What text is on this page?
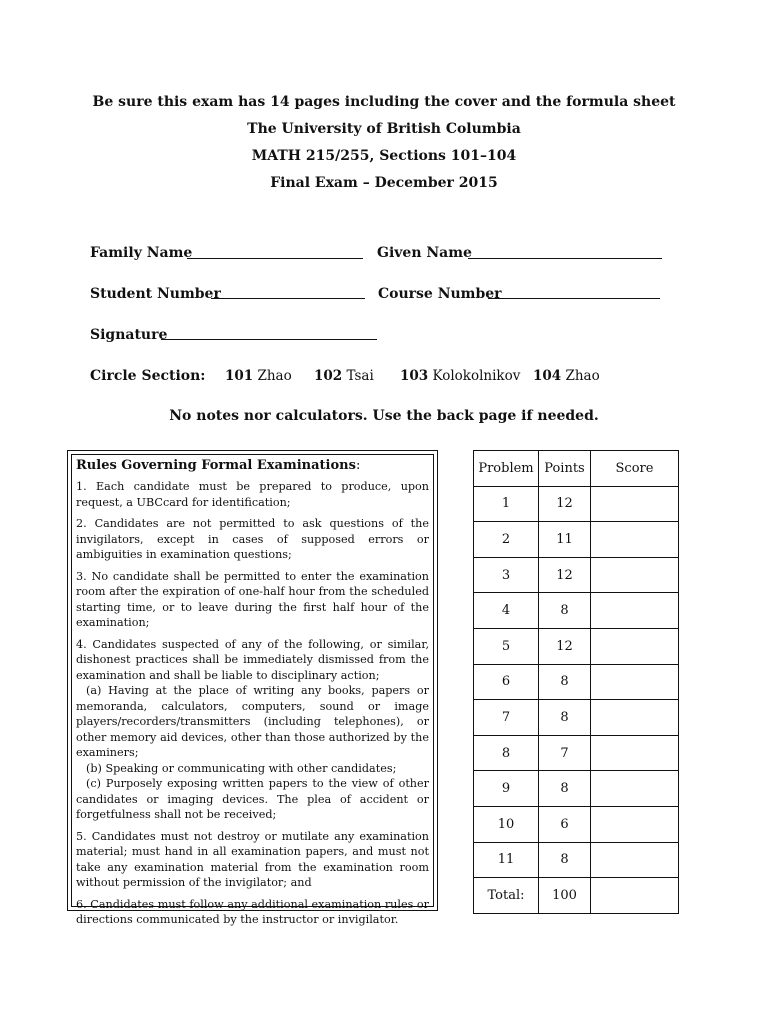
Be sure this exam has 14 pages including the cover and the formula sheet
The University of British Columbia
MATH 215/255, Sections 101–104
Final Exam – December 2015
Family Name	Given Name
Student Number	Course Number
Signature
Circle Section: 101 Zhao 102 Tsai 103 Kolokolnikov 104 Zhao
No notes nor calculators. Use the back page if needed.
Rules Governing Formal Examinations:

1. Each candidate must be prepared to produce, upon request, a UBCcard for identification;

2. Candidates are not permitted to ask questions of the invigilators, except in cases of supposed errors or ambiguities in examination questions;

3. No candidate shall be permitted to enter the examination room after the expiration of one-half hour from the scheduled starting time, or to leave during the first half hour of the examination;

4. Candidates suspected of any of the following, or similar, dishonest practices shall be immediately dismissed from the examination and shall be liable to disciplinary action;

(a) Having at the place of writing any books, papers or memoranda, calculators, computers, sound or image players/recorders/transmitters (including telephones), or other memory aid devices, other than those authorized by the examiners;

(b) Speaking or communicating with other candidates;

(c) Purposely exposing written papers to the view of other candidates or imaging devices. The plea of accident or forgetfulness shall not be received;

5. Candidates must not destroy or mutilate any examination material; must hand in all examination papers, and must not take any examination material from the examination room without permission of the invigilator; and

6. Candidates must follow any additional examination rules or directions communicated by the instructor or invigilator.

Problem	Points	Score
1	12	
2	11	
3	12	
4	8	
5	12	
6	8	
7	8	
8	7	
9	8	
10	6	
11	8	
Total:	100	
